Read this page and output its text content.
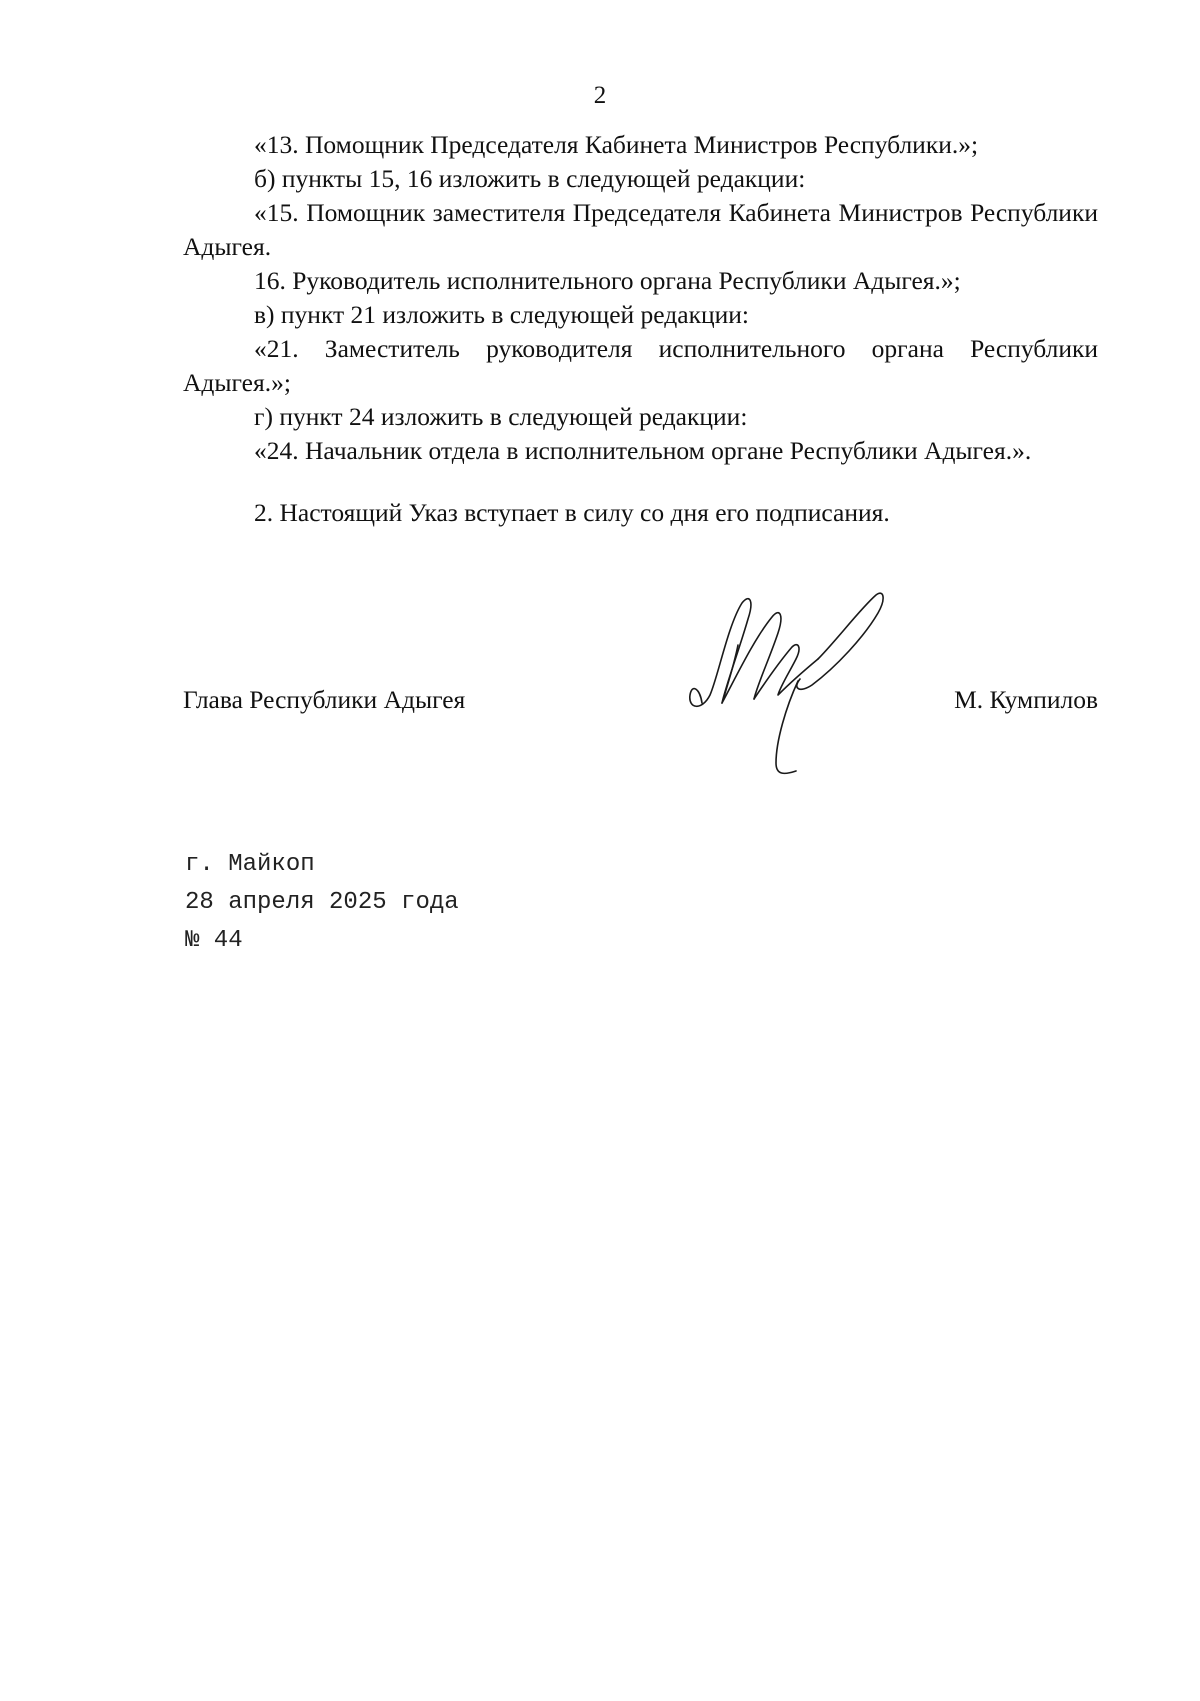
2

«13. Помощник Председателя Кабинета Министров Республики.»;

б) пункты 15, 16 изложить в следующей редакции:

«15. Помощник заместителя Председателя Кабинета Министров Республики Адыгея.

16. Руководитель исполнительного органа Республики Адыгея.»;

в) пункт 21 изложить в следующей редакции:

«21. Заместитель руководителя исполнительного органа Республики Адыгея.»;

г) пункт 24 изложить в следующей редакции:

«24. Начальник отдела в исполнительном органе Республики Адыгея.».

2. Настоящий Указ вступает в силу со дня его подписания.

Глава Республики Адыгея	М. Кумпилов
г. Майкоп
28 апреля 2025 года
№ 44
